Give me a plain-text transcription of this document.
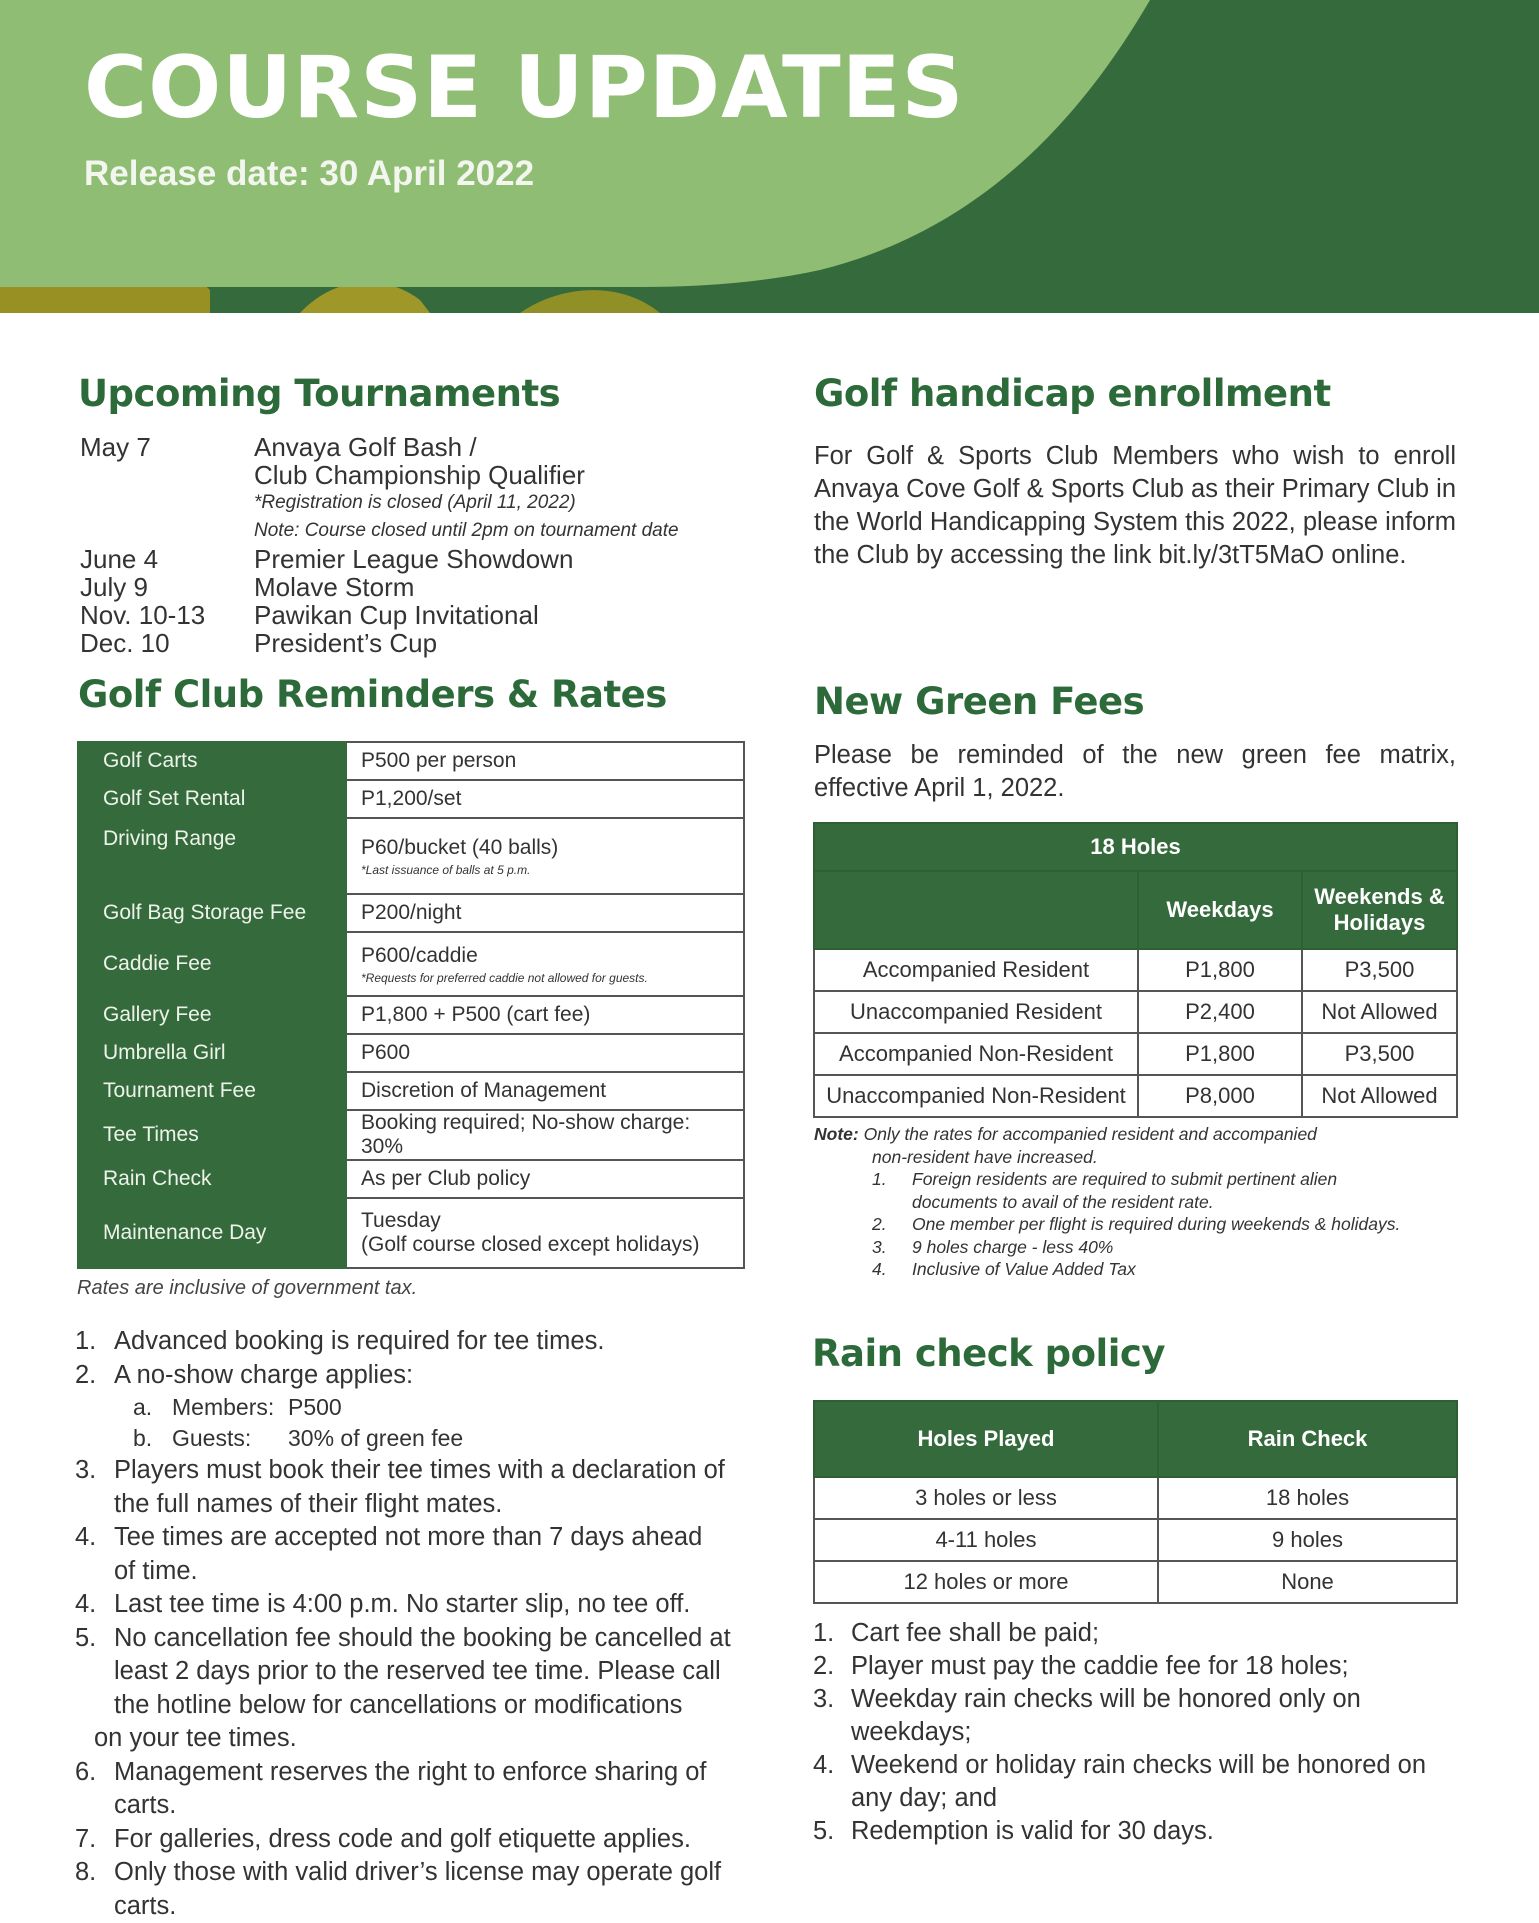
COURSE UPDATES
Release date: 30 April 2022
Upcoming Tournaments
May 7	Anvaya Golf Bash /
Club Championship Qualifier
*Registration is closed (April 11, 2022)
Note: Course closed until 2pm on tournament date
June 4	Premier League Showdown
July 9	Molave Storm
Nov. 10-13	Pawikan Cup Invitational
Dec. 10	President’s Cup
Golf Club Reminders & Rates
Golf Carts	P500 per person
Golf Set Rental	P1,200/set
Driving Range	P60/bucket (40 balls)
*Last issuance of balls at 5 p.m.

Golf Bag Storage Fee	P200/night
Caddie Fee	P600/caddie
*Requests for preferred caddie not allowed for guests.

Gallery Fee	P1,800 + P500 (cart fee)
Umbrella Girl	P600
Tournament Fee	Discretion of Management
Tee Times	Booking required; No-show charge: 30%
Rain Check	As per Club policy
Maintenance Day	Tuesday
(Golf course closed except holidays)
Rates are inclusive of government tax.
1. Advanced booking is required for tee times.
2. A no-show charge applies:
a. Members: P500
b. Guests:	30% of green fee
3. Players must book their tee times with a declaration of
the full names of their flight mates.
4. Tee times are accepted not more than 7 days ahead
of time.
4. Last tee time is 4:00 p.m. No starter slip, no tee off.
5. No cancellation fee should the booking be cancelled at
least 2 days prior to the reserved tee time. Please call
the hotline below for cancellations or modifications
on your tee times.
6. Management reserves the right to enforce sharing of carts.
7. For galleries, dress code and golf etiquette applies.
8. Only those with valid driver’s license may operate golf carts.
Golf handicap enrollment
For Golf & Sports Club Members who wish to enroll Anvaya Cove Golf & Sports Club as their Primary Club in the World Handicapping System this 2022, please inform the Club by accessing the link bit.ly/3tT5MaO online.
New Green Fees
Please be reminded of the new green fee matrix, effective April 1, 2022.
18 Holes		
	Weekdays	Weekends &
Holidays

Accompanied Resident	P1,800	P3,500
Unaccompanied Resident	P2,400	Not Allowed
Accompanied Non-Resident	P1,800	P3,500
Unaccompanied Non-Resident	P8,000	Not Allowed
Note: Only the rates for accompanied resident and accompanied
non-resident have increased.
1.	Foreign residents are required to submit pertinent alien
documents to avail of the resident rate.
2.	One member per flight is required during weekends & holidays.
3.	9 holes charge - less 40%
4.	Inclusive of Value Added Tax
Rain check policy
Holes Played	Rain Check
3 holes or less	18 holes
4-11 holes	9 holes
12 holes or more	None
1. Cart fee shall be paid;
2. Player must pay the caddie fee for 18 holes;
3. Weekday rain checks will be honored only on
weekdays;
4. Weekend or holiday rain checks will be honored on
any day; and
5. Redemption is valid for 30 days.
